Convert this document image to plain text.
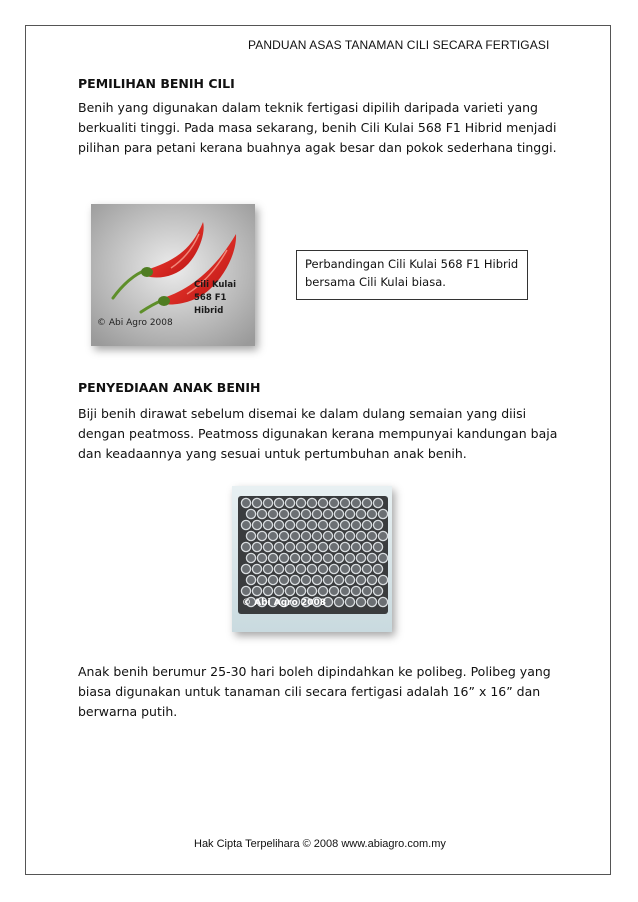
PANDUAN ASAS TANAMAN CILI SECARA FERTIGASI
PEMILIHAN BENIH CILI

Benih yang digunakan dalam teknik fertigasi dipilih daripada varieti yang berkualiti tinggi. Pada masa sekarang, benih Cili Kulai 568 F1 Hibrid menjadi pilihan para petani kerana buahnya agak besar dan pokok sederhana tinggi.

© Abi Agro 2008
Cili Kulai
568 F1
Hibrid
Perbandingan Cili Kulai 568 F1 Hibrid bersama Cili Kulai biasa.
PENYEDIAAN ANAK BENIH

Biji benih dirawat sebelum disemai ke dalam dulang semaian yang diisi dengan peatmoss. Peatmoss digunakan kerana mempunyai kandungan baja dan keadaannya yang sesuai untuk pertumbuhan anak benih.

© Abi Agro 2008

Anak benih berumur 25-30 hari boleh dipindahkan ke polibeg. Polibeg yang biasa digunakan untuk tanaman cili secara fertigasi adalah 16” x 16” dan berwarna putih.

Hak Cipta Terpelihara © 2008 www.abiagro.com.my
